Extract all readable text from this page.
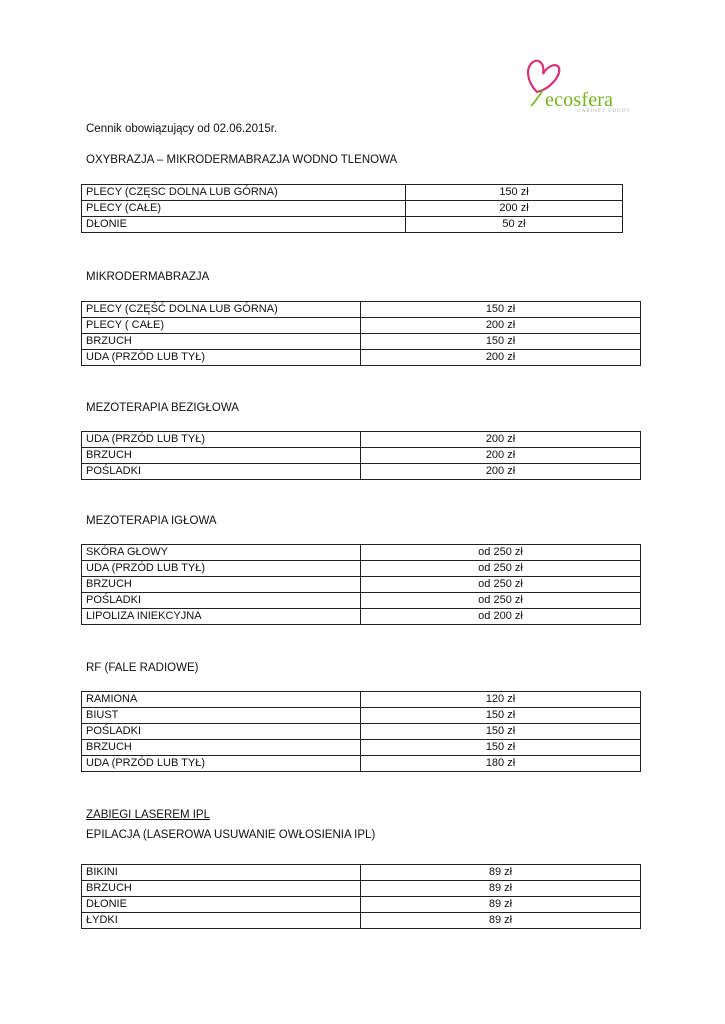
ecosfera
GABINET URODY
Cennik obowiązujący od 02.06.2015r.
OXYBRAZJA – MIKRODERMABRAZJA WODNO TLENOWA
PLECY (CZĘSC DOLNA LUB GÓRNA)	150 zł
PLECY (CAŁE)	200 zł
DŁONIE	50 zł
MIKRODERMABRAZJA
PLECY (CZĘŚĆ DOLNA LUB GÓRNA)	150 zł
PLECY ( CAŁE)	200 zł
BRZUCH	150 zł
UDA (PRZÓD LUB TYŁ)	200 zł
MEZOTERAPIA BEZIGŁOWA
UDA (PRZÓD LUB TYŁ)	200 zł
BRZUCH	200 zł
POŚLADKI	200 zł
MEZOTERAPIA IGŁOWA
SKÓRA GŁOWY	od 250 zł
UDA (PRZÓD LUB TYŁ)	od 250 zł
BRZUCH	od 250 zł
POŚLADKI	od 250 zł
LIPOLIZA INIEKCYJNA	od 200 zł
RF (FALE RADIOWE)
RAMIONA	120 zł
BIUST	150 zł
POŚLADKI	150 zł
BRZUCH	150 zł
UDA (PRZÓD LUB TYŁ)	180 zł
ZABIEGI LASEREM IPL
EPILACJA (LASEROWA USUWANIE OWŁOSIENIA IPL)
BIKINI	89 zł
BRZUCH	89 zł
DŁONIE	89 zł
ŁYDKI	89 zł
